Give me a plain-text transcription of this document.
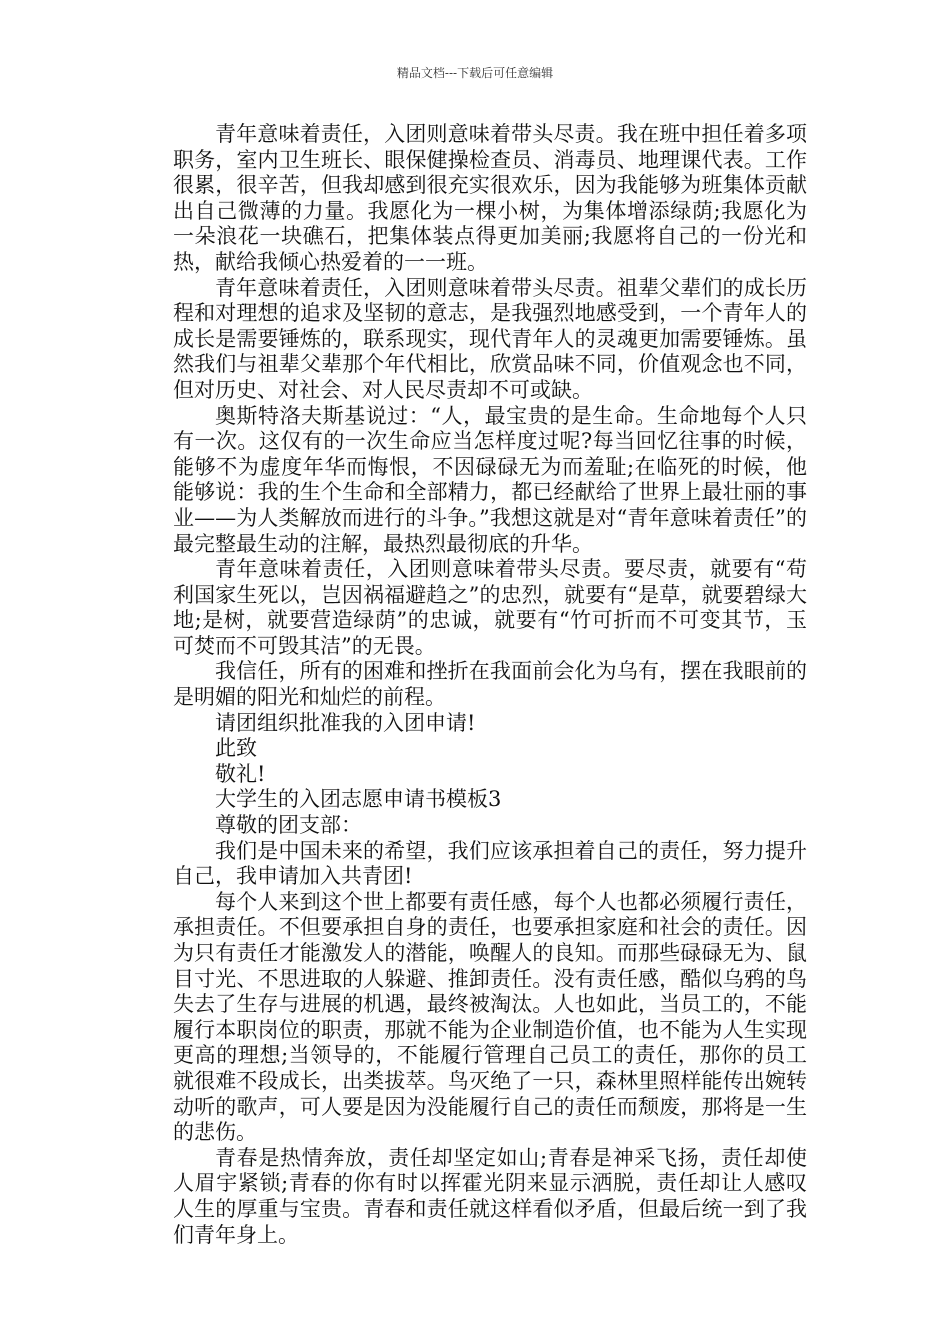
精品文档---下载后可任意编辑

青年意味着责任，入团则意味着带头尽责。我在班中担任着多项职务，室内卫生班长、眼保健操检查员、消毒员、地理课代表。工作很累，很辛苦，但我却感到很充实很欢乐，因为我能够为班集体贡献出自己微薄的力量。我愿化为一棵小树，为集体增添绿荫;我愿化为一朵浪花一块礁石，把集体装点得更加美丽;我愿将自己的一份光和热，献给我倾心热爱着的一一班。

青年意味着责任，入团则意味着带头尽责。祖辈父辈们的成长历程和对理想的追求及坚韧的意志，是我强烈地感受到，一个青年人的成长是需要锤炼的，联系现实，现代青年人的灵魂更加需要锤炼。虽然我们与祖辈父辈那个年代相比，欣赏品味不同，价值观念也不同，但对历史、对社会、对人民尽责却不可或缺。

奥斯特洛夫斯基说过：“人，最宝贵的是生命。生命地每个人只有一次。这仅有的一次生命应当怎样度过呢?每当回忆往事的时候，能够不为虚度年华而悔恨，不因碌碌无为而羞耻;在临死的时候，他能够说：我的生个生命和全部精力，都已经献给了世界上最壮丽的事业——为人类解放而进行的斗争。”我想这就是对“青年意味着责任”的最完整最生动的注解，最热烈最彻底的升华。

青年意味着责任，入团则意味着带头尽责。要尽责，就要有“苟利国家生死以，岂因祸福避趋之”的忠烈，就要有“是草，就要碧绿大地;是树，就要营造绿荫”的忠诚，就要有“竹可折而不可变其节，玉可焚而不可毁其洁”的无畏。

我信任，所有的困难和挫折在我面前会化为乌有，摆在我眼前的是明媚的阳光和灿烂的前程。

请团组织批准我的入团申请!

此致

敬礼!

大学生的入团志愿申请书模板3

尊敬的团支部：

我们是中国未来的希望，我们应该承担着自己的责任，努力提升自己，我申请加入共青团!

每个人来到这个世上都要有责任感，每个人也都必须履行责任，承担责任。不但要承担自身的责任，也要承担家庭和社会的责任。因为只有责任才能激发人的潜能，唤醒人的良知。而那些碌碌无为、鼠目寸光、不思进取的人躲避、推卸责任。没有责任感，酷似乌鸦的鸟失去了生存与进展的机遇，最终被淘汰。人也如此，当员工的，不能履行本职岗位的职责，那就不能为企业制造价值，也不能为人生实现更高的理想;当领导的，不能履行管理自己员工的责任，那你的员工就很难不段成长，出类拔萃。鸟灭绝了一只，森林里照样能传出婉转动听的歌声，可人要是因为没能履行自己的责任而颓废，那将是一生的悲伤。

青春是热情奔放，责任却坚定如山;青春是神采飞扬，责任却使人眉宇紧锁;青春的你有时以挥霍光阴来显示洒脱，责任却让人感叹人生的厚重与宝贵。青春和责任就这样看似矛盾，但最后统一到了我们青年身上。
